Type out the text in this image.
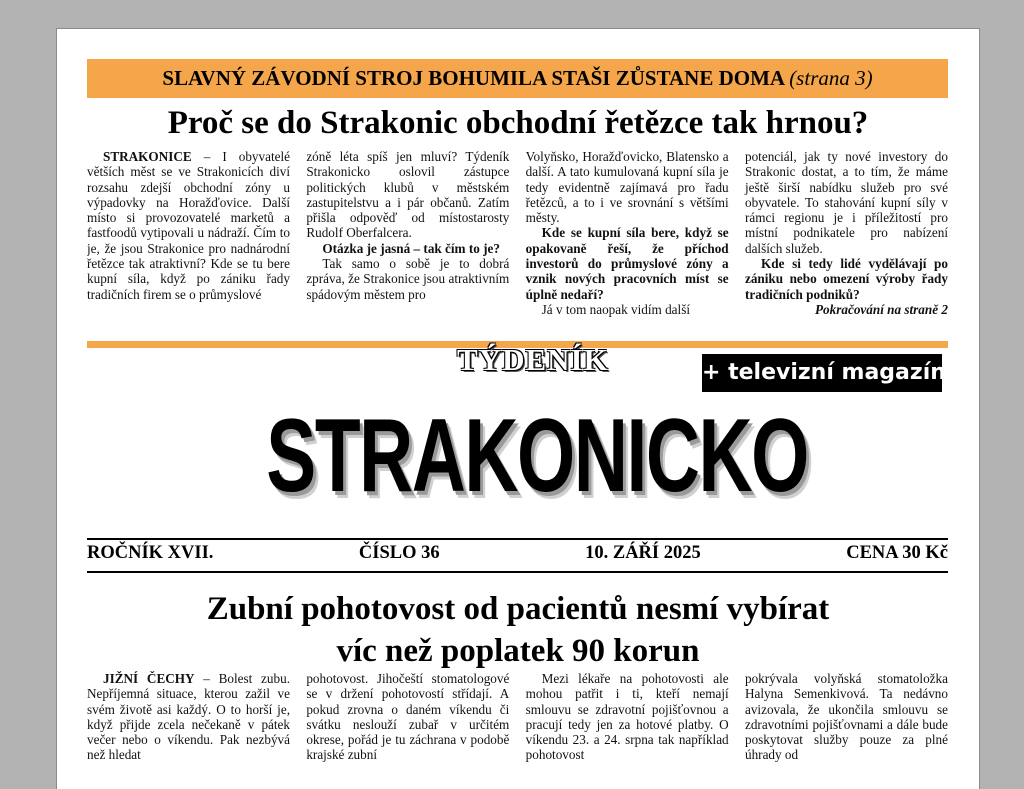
SLAVNÝ ZÁVODNÍ STROJ BOHUMILA STAŠI ZŮSTANE DOMA (strana 3)
Proč se do Strakonic obchodní řetězce tak hrnou?

STRAKONICE – I obyvatelé větších měst se ve Strakonicích diví rozsahu zdejší obchodní zóny u výpadovky na Horažďovice. Další místo si provozovatelé marketů a fastfoodů vytipovali u nádraží. Čím to je, že jsou Strakonice pro nadnárodní řetězce tak atraktivní? Kde se tu bere kupní síla, když po zániku řady tradičních firem se o průmyslové

zóně léta spíš jen mluví? Týdeník Strakonicko oslovil zástupce politických klubů v městském zastupitelstvu a i pár občanů. Zatím přišla odpověď od místostarosty Rudolf Oberfalcera.

Otázka je jasná – tak čím to je?

Tak samo o sobě je to dobrá zpráva, že Strakonice jsou atraktivním spádovým městem pro

Volyňsko, Horažďovicko, Blatensko a další. A tato kumulovaná kupní síla je tedy evidentně zajímavá pro řadu řetězců, a to i ve srovnání s většími městy.

Kde se kupní síla bere, když se opakovaně řeší, že příchod investorů do průmyslové zóny a vznik nových pracovních míst se úplně nedaří?

Já v tom naopak vidím další

potenciál, jak ty nové investory do Strakonic dostat, a to tím, že máme ještě širší nabídku služeb pro své obyvatele. To stahování kupní síly v rámci regionu je i příležitostí pro místní podnikatele pro nabízení dalších služeb.

Kde si tedy lidé vydělávají po zániku nebo omezení výroby řady tradičních podniků?

Pokračování na straně 2
TÝDENÍK	+ televizní magazín
STRAKONICKO
ROČNÍK XVII.	ČÍSLO 36	10. ZÁŘÍ 2025	CENA 30 Kč
Zubní pohotovost od pacientů nesmí vybírat
víc než poplatek 90 korun

JIŽNÍ ČECHY – Bolest zubu. Nepříjemná situace, kterou zažil ve svém životě asi každý. O to horší je, když přijde zcela nečekaně v pátek večer nebo o víkendu. Pak nezbývá než hledat

pohotovost. Jihočeští stomatologové se v držení pohotovostí střídají. A pokud zrovna o daném víkendu či svátku neslouží zubař v určitém okrese, pořád je tu záchrana v podobě krajské zubní

Mezi lékaře na pohotovosti ale mohou patřit i ti, kteří nemají smlouvu se zdravotní pojišťovnou a pracují tedy jen za hotové platby. O víkendu 23. a 24. srpna tak například pohotovost

pokrývala volyňská stomatoložka Halyna Semenkivová. Ta nedávno avizovala, že ukončila smlouvu se zdravotními pojišťovnami a dále bude poskytovat služby pouze za plné úhrady od
